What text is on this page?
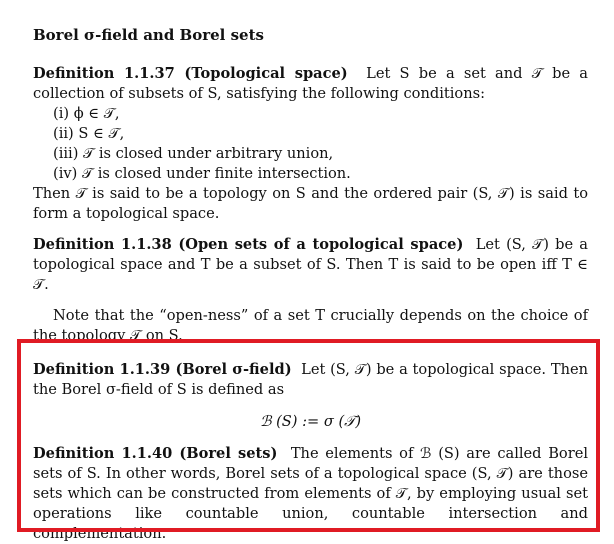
Borel σ-field and Borel sets

Definition 1.1.37 (Topological space) Let S be a set and 𝒯 be a collection of subsets of S, satisfying the following conditions:

(i) ϕ ∈ 𝒯,
(ii) S ∈ 𝒯,
(iii) 𝒯 is closed under arbitrary union,
(iv) 𝒯 is closed under finite intersection.

Then 𝒯 is said to be a topology on S and the ordered pair (S, 𝒯) is said to form a topological space.

Definition 1.1.38 (Open sets of a topological space) Let (S, 𝒯) be a topological space and T be a subset of S. Then T is said to be open iff T ∈ 𝒯.

Note that the “open-ness” of a set T crucially depends on the choice of the topology 𝒯 on S.

Definition 1.1.39 (Borel σ-field) Let (S, 𝒯) be a topological space. Then the Borel σ-field of S is defined as

ℬ (S) := σ (𝒯)

Definition 1.1.40 (Borel sets) The elements of ℬ (S) are called Borel sets of S. In other words, Borel sets of a topological space (S, 𝒯) are those sets which can be constructed from elements of 𝒯, by employing usual set operations like countable union, countable intersection and complementation.
